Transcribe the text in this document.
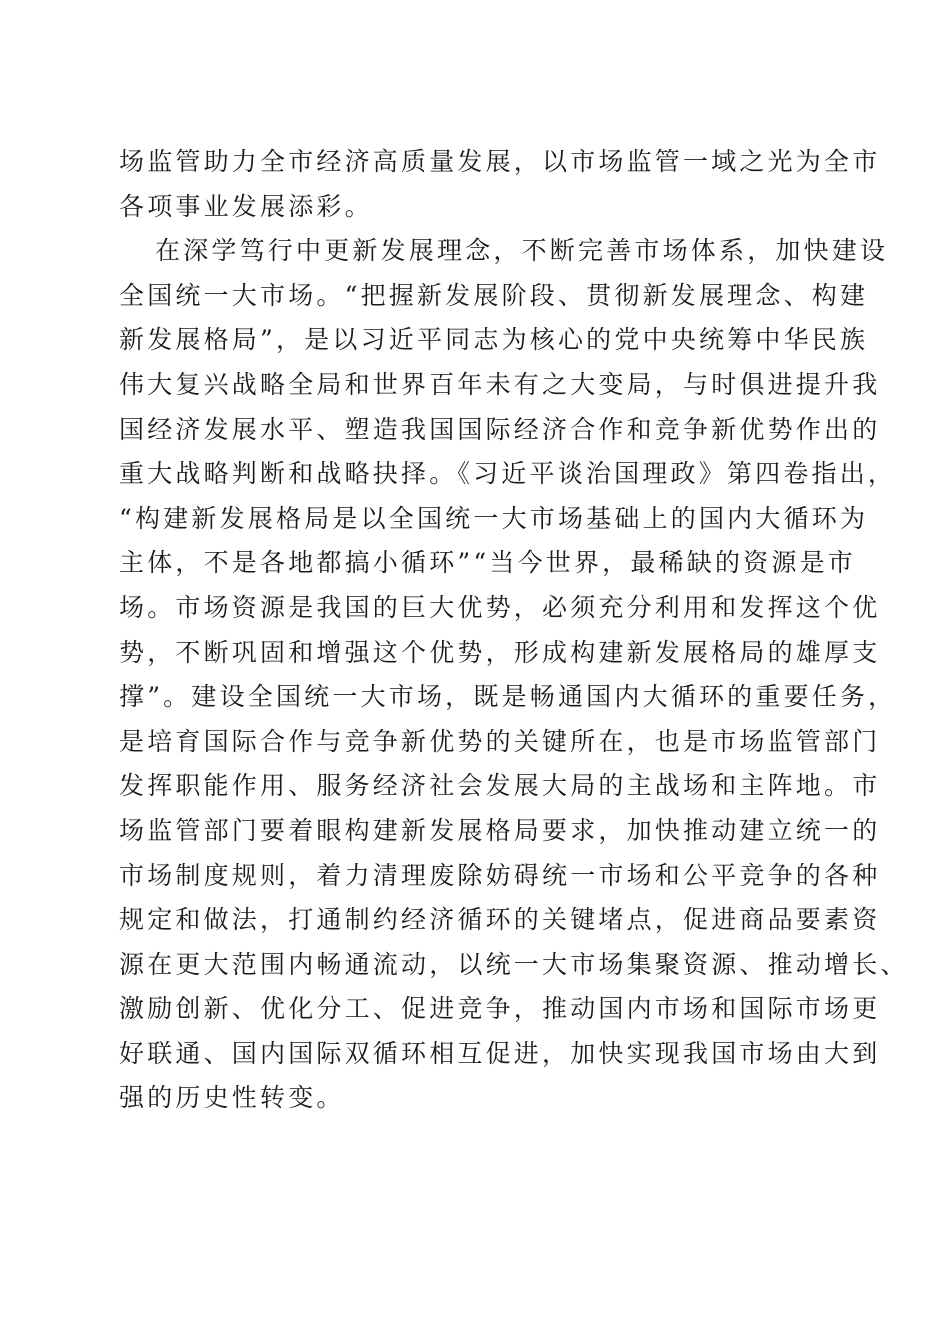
场监管助力全市经济高质量发展，以市场监管一域之光为全市
各项事业发展添彩。
在深学笃行中更新发展理念，不断完善市场体系，加快建设
全国统一大市场。“把握新发展阶段、贯彻新发展理念、构建
新发展格局”，是以习近平同志为核心的党中央统筹中华民族
伟大复兴战略全局和世界百年未有之大变局，与时俱进提升我
国经济发展水平、塑造我国国际经济合作和竞争新优势作出的
重大战略判断和战略抉择。《习近平谈治国理政》第四卷指出，
“构建新发展格局是以全国统一大市场基础上的国内大循环为
主体，不是各地都搞小循环”“当今世界，最稀缺的资源是市
场。市场资源是我国的巨大优势，必须充分利用和发挥这个优
势，不断巩固和增强这个优势，形成构建新发展格局的雄厚支
撑”。建设全国统一大市场，既是畅通国内大循环的重要任务，
是培育国际合作与竞争新优势的关键所在，也是市场监管部门
发挥职能作用、服务经济社会发展大局的主战场和主阵地。市
场监管部门要着眼构建新发展格局要求，加快推动建立统一的
市场制度规则，着力清理废除妨碍统一市场和公平竞争的各种
规定和做法，打通制约经济循环的关键堵点，促进商品要素资
源在更大范围内畅通流动，以统一大市场集聚资源、推动增长、
激励创新、优化分工、促进竞争，推动国内市场和国际市场更
好联通、国内国际双循环相互促进，加快实现我国市场由大到
强的历史性转变。
